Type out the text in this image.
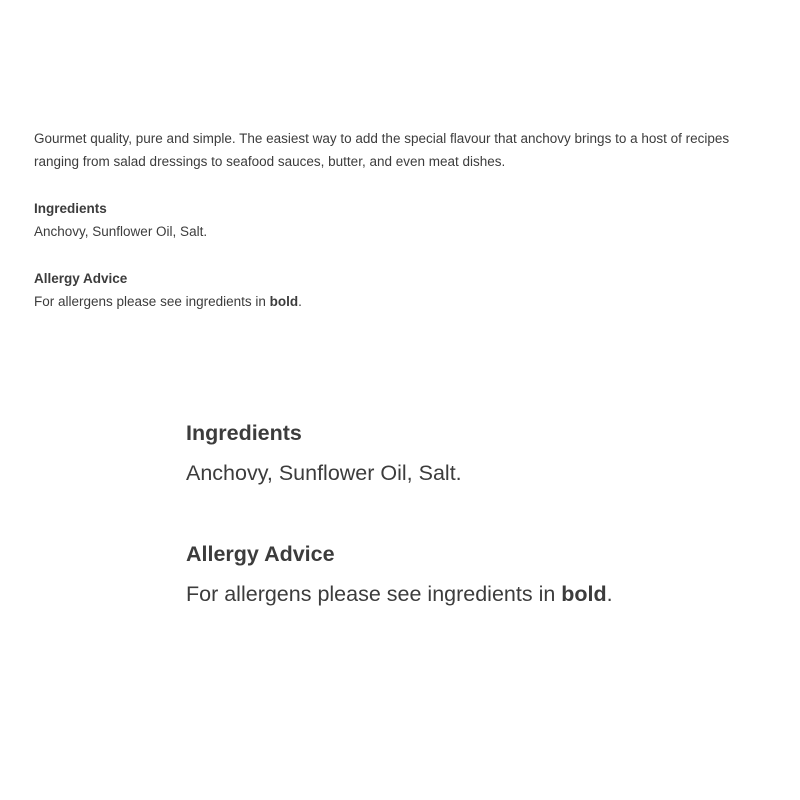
Gourmet quality, pure and simple. The easiest way to add the special flavour that anchovy brings to a host of recipes ranging from salad dressings to seafood sauces, butter, and even meat dishes.

Ingredients

Anchovy, Sunflower Oil, Salt.

Allergy Advice

For allergens please see ingredients in bold.

Ingredients

Anchovy, Sunflower Oil, Salt.

Allergy Advice

For allergens please see ingredients in bold.
